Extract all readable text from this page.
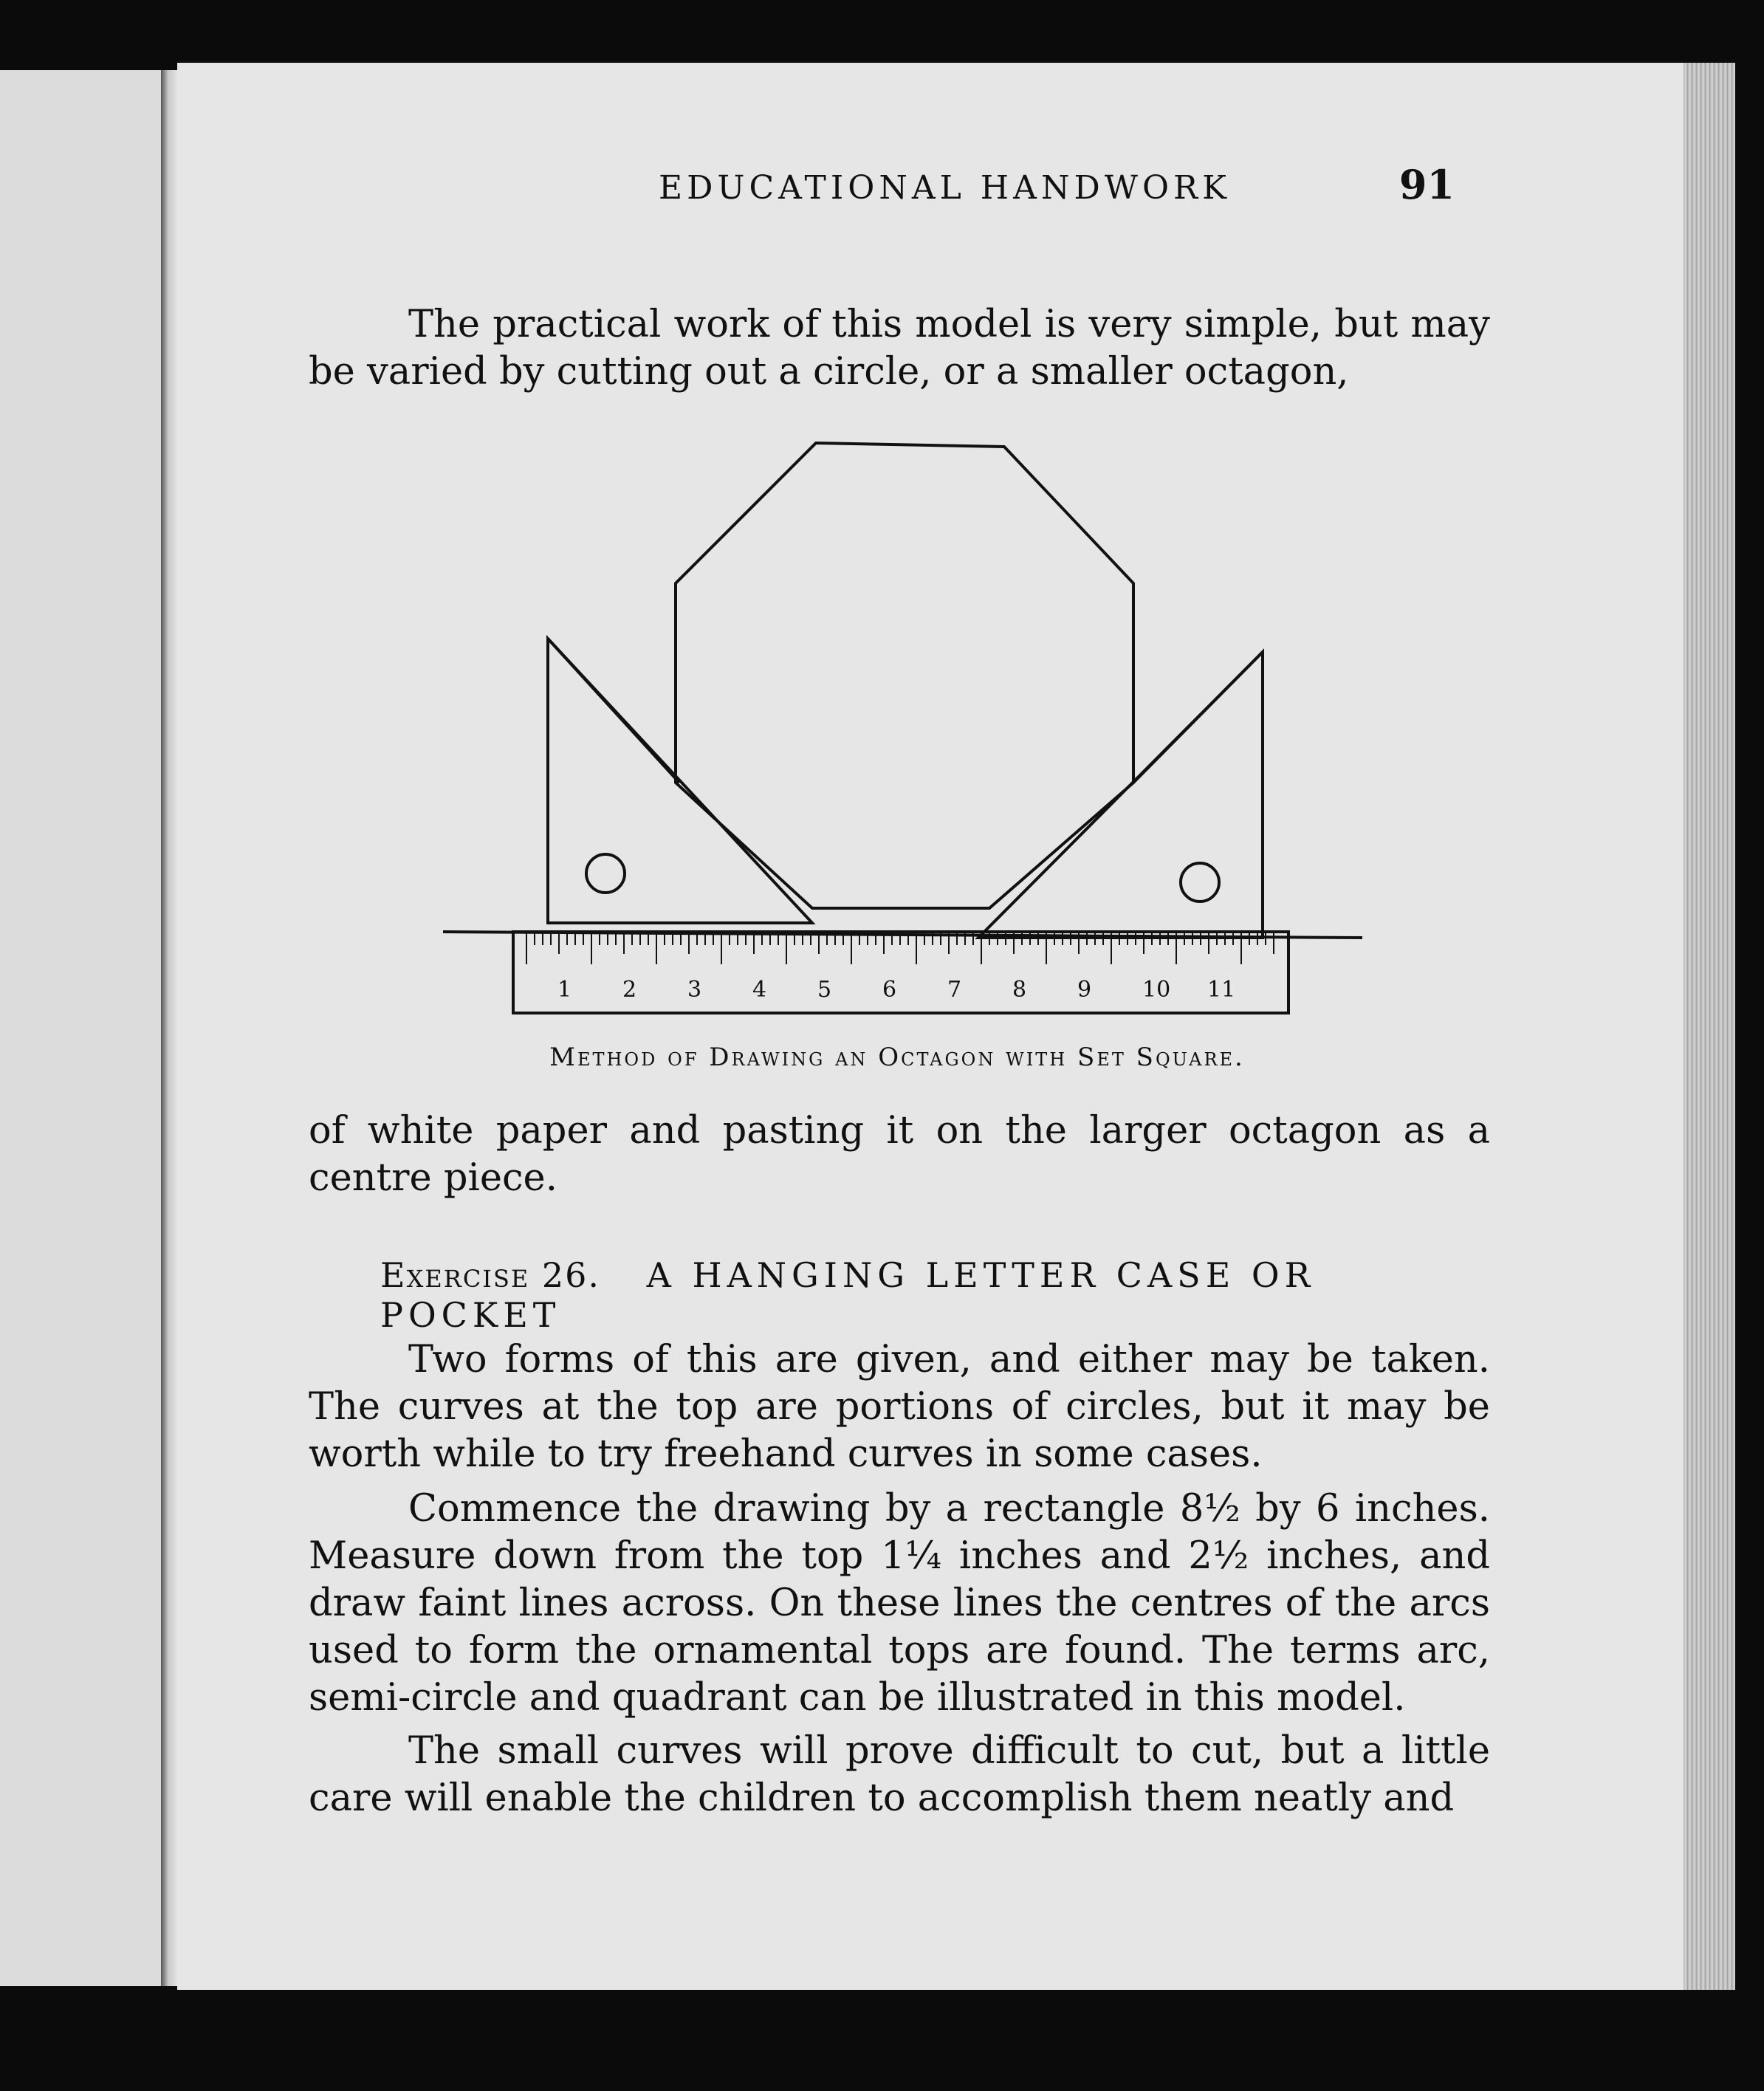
EDUCATIONAL HANDWORK	91

The practical work of this model is very simple, but may be varied by cutting out a circle, or a smaller octagon,

1 2 3 4 5 6 7 8 9 10 11
Method of Drawing an Octagon with Set Square.

of white paper and pasting it on the larger octagon as a centre piece.

Exercise 26. A HANGING LETTER CASE OR POCKET

Two forms of this are given, and either may be taken. The curves at the top are portions of circles, but it may be worth while to try freehand curves in some cases.

Commence the drawing by a rectangle 8½ by 6 inches. Measure down from the top 1¼ inches and 2½ inches, and draw faint lines across. On these lines the centres of the arcs used to form the ornamental tops are found. The terms arc, semi-circle and quadrant can be illustrated in this model.

The small curves will prove difficult to cut, but a little care will enable the children to accomplish them neatly and
